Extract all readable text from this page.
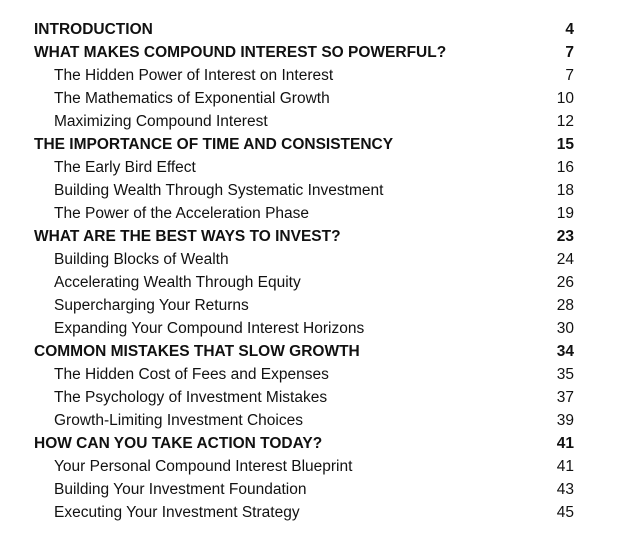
INTRODUCTION	4
WHAT MAKES COMPOUND INTEREST SO POWERFUL?	7
The Hidden Power of Interest on Interest	7
The Mathematics of Exponential Growth	10
Maximizing Compound Interest	12
THE IMPORTANCE OF TIME AND CONSISTENCY	15
The Early Bird Effect	16
Building Wealth Through Systematic Investment	18
The Power of the Acceleration Phase	19
WHAT ARE THE BEST WAYS TO INVEST?	23
Building Blocks of Wealth	24
Accelerating Wealth Through Equity	26
Supercharging Your Returns	28
Expanding Your Compound Interest Horizons	30
COMMON MISTAKES THAT SLOW GROWTH	34
The Hidden Cost of Fees and Expenses	35
The Psychology of Investment Mistakes	37
Growth-Limiting Investment Choices	39
HOW CAN YOU TAKE ACTION TODAY?	41
Your Personal Compound Interest Blueprint	41
Building Your Investment Foundation	43
Executing Your Investment Strategy	45
